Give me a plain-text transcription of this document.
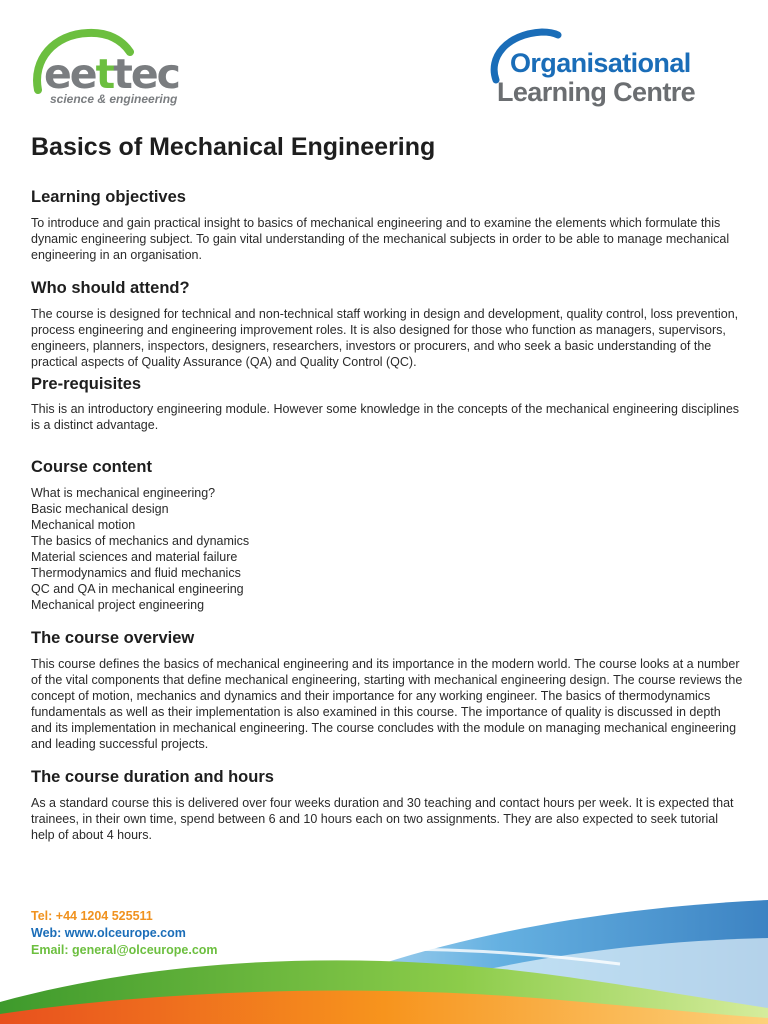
eettec
science & engineering
Organisational
Learning Centre
Basics of Mechanical Engineering
Learning objectives

To introduce and gain practical insight to basics of mechanical engineering and to examine the elements which formulate this dynamic engineering subject. To gain vital understanding of the mechanical subjects in order to be able to manage mechanical engineering in an organisation.

Who should attend?

The course is designed for technical and non-technical staff working in design and development, quality control, loss prevention, process engineering and engineering improvement roles. It is also designed for those who function as managers, supervisors, engineers, planners, inspectors, designers, researchers, investors or procurers, and who seek a basic understanding of the practical aspects of Quality Assurance (QA) and Quality Control (QC).

Pre-requisites

This is an introductory engineering module. However some knowledge in the concepts of the mechanical engineering disciplines is a distinct advantage.

Course content
What is mechanical engineering?
Basic mechanical design
Mechanical motion
The basics of mechanics and dynamics
Material sciences and material failure
Thermodynamics and fluid mechanics
QC and QA in mechanical engineering
Mechanical project engineering
The course overview

This course defines the basics of mechanical engineering and its importance in the modern world. The course looks at a number of the vital components that define mechanical engineering, starting with mechanical engineering design. The course reviews the concept of motion, mechanics and dynamics and their importance for any working engineer. The basics of thermodynamics fundamentals as well as their implementation is also examined in this course. The importance of quality is discussed in depth and its implementation in mechanical engineering. The course concludes with the module on managing mechanical engineering and leading successful projects.

The course duration and hours

As a standard course this is delivered over four weeks duration and 30 teaching and contact hours per week. It is expected that trainees, in their own time, spend between 6 and 10 hours each on two assignments. They are also expected to seek tutorial help of about 4 hours.

Tel: +44 1204 525511
Web: www.olceurope.com
Email: general@olceurope.com
